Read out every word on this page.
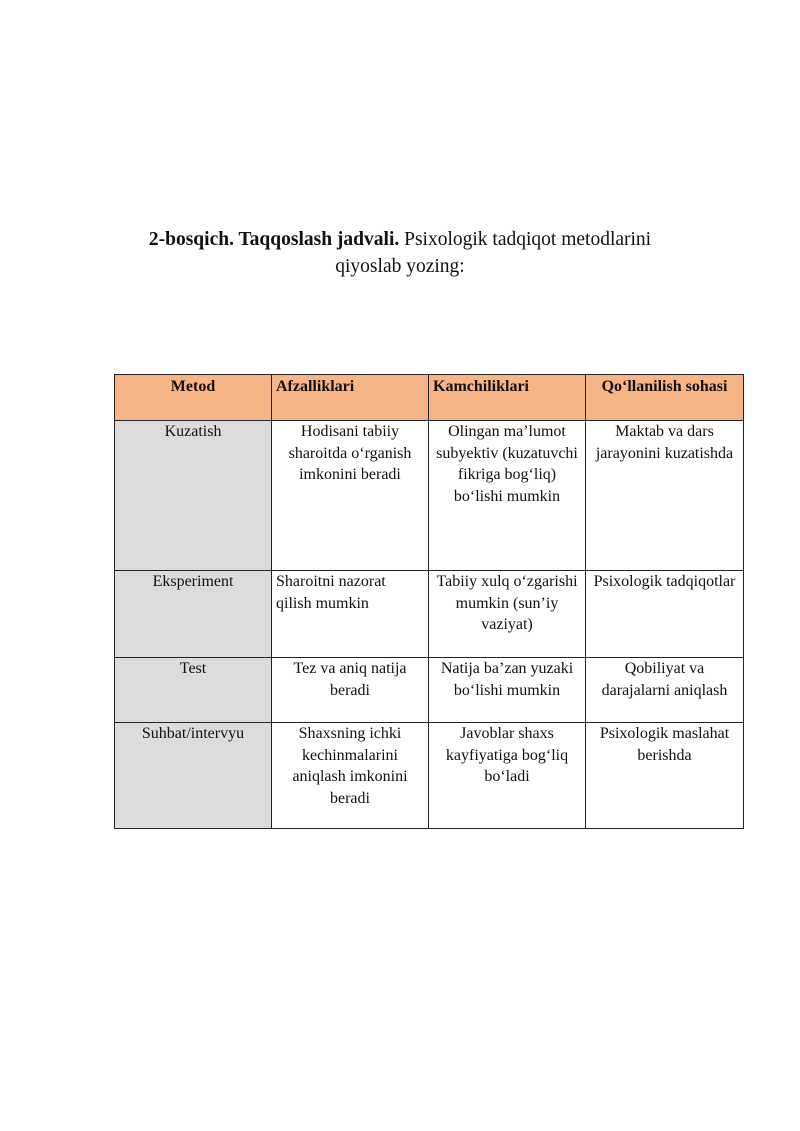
2-bosqich. Taqqoslash jadvali. Psixologik tadqiqot metodlarini
qiyoslab yozing:
Metod	Afzalliklari	Kamchiliklari	Qo‘llanilish sohasi
Kuzatish	Hodisani tabiiy sharoitda o‘rganish imkonini beradi	Olingan ma’lumot subyektiv (kuzatuvchi fikriga bog‘liq) bo‘lishi mumkin	Maktab va dars jarayonini kuzatishda
Eksperiment	Sharoitni nazorat qilish mumkin	Tabiiy xulq o‘zgarishi mumkin (sun’iy vaziyat)	Psixologik tadqiqotlar
Test	Tez va aniq natija beradi	Natija ba’zan yuzaki bo‘lishi mumkin	Qobiliyat va darajalarni aniqlash
Suhbat/intervyu	Shaxsning ichki kechinmalarini aniqlash imkonini beradi	Javoblar shaxs kayfiyatiga bog‘liq bo‘ladi	Psixologik maslahat berishda
